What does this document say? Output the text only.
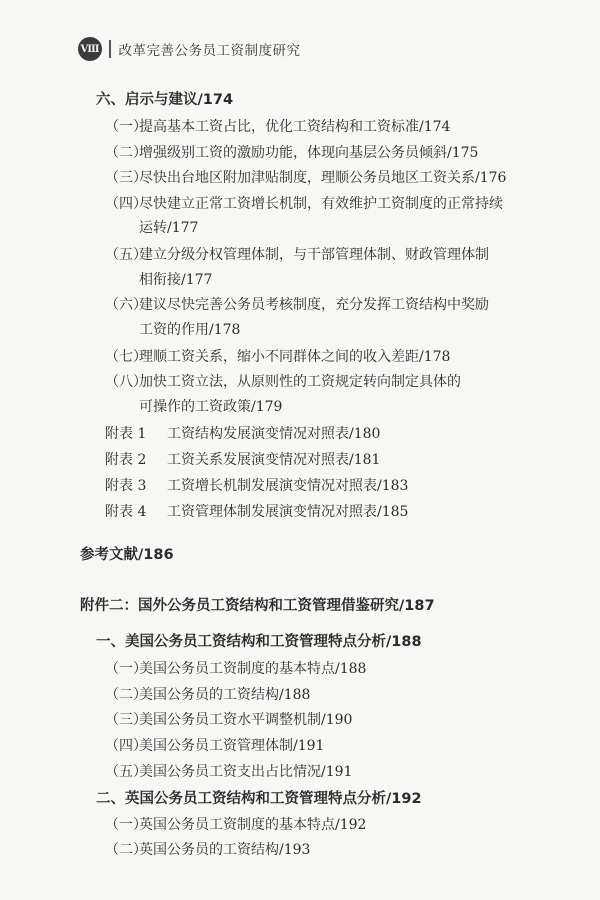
Ⅷ 改革完善公务员工资制度研究
六、启示与建议/174
（一）提高基本工资占比，优化工资结构和工资标准/174
（二）增强级别工资的激励功能，体现向基层公务员倾斜/175
（三）尽快出台地区附加津贴制度，理顺公务员地区工资关系/176
（四）尽快建立正常工资增长机制，有效维护工资制度的正常持续
运转/177
（五）建立分级分权管理体制，与干部管理体制、财政管理体制
相衔接/177
（六）建议尽快完善公务员考核制度，充分发挥工资结构中奖励
工资的作用/178
（七）理顺工资关系，缩小不同群体之间的收入差距/178
（八）加快工资立法，从原则性的工资规定转向制定具体的
可操作的工资政策/179
附表 1 工资结构发展演变情况对照表/180
附表 2 工资关系发展演变情况对照表/181
附表 3 工资增长机制发展演变情况对照表/183
附表 4 工资管理体制发展演变情况对照表/185
参考文献/186
附件二：国外公务员工资结构和工资管理借鉴研究/187
一、美国公务员工资结构和工资管理特点分析/188
（一）美国公务员工资制度的基本特点/188
（二）美国公务员的工资结构/188
（三）美国公务员工资水平调整机制/190
（四）美国公务员工资管理体制/191
（五）美国公务员工资支出占比情况/191
二、英国公务员工资结构和工资管理特点分析/192
（一）英国公务员工资制度的基本特点/192
（二）英国公务员的工资结构/193
